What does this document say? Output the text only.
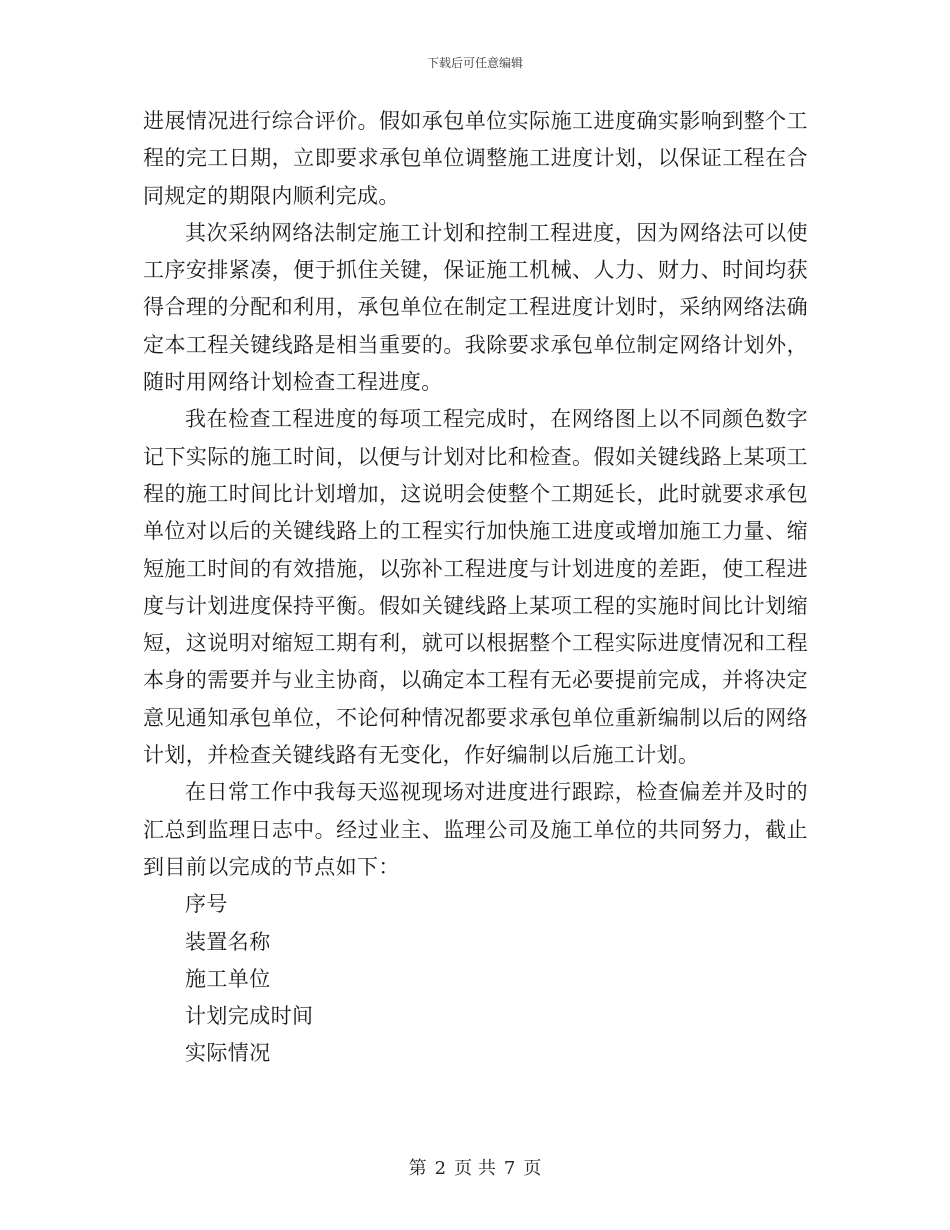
下载后可任意编辑

进展情况进行综合评价。假如承包单位实际施工进度确实影响到整个工程的完工日期，立即要求承包单位调整施工进度计划，以保证工程在合同规定的期限内顺利完成。

其次采纳网络法制定施工计划和控制工程进度，因为网络法可以使工序安排紧凑，便于抓住关键，保证施工机械、人力、财力、时间均获得合理的分配和利用，承包单位在制定工程进度计划时，采纳网络法确定本工程关键线路是相当重要的。我除要求承包单位制定网络计划外，随时用网络计划检查工程进度。

我在检查工程进度的每项工程完成时，在网络图上以不同颜色数字记下实际的施工时间，以便与计划对比和检查。假如关键线路上某项工程的施工时间比计划增加，这说明会使整个工期延长，此时就要求承包单位对以后的关键线路上的工程实行加快施工进度或增加施工力量、缩短施工时间的有效措施，以弥补工程进度与计划进度的差距，使工程进度与计划进度保持平衡。假如关键线路上某项工程的实施时间比计划缩短，这说明对缩短工期有利，就可以根据整个工程实际进度情况和工程本身的需要并与业主协商，以确定本工程有无必要提前完成，并将决定意见通知承包单位，不论何种情况都要求承包单位重新编制以后的网络计划，并检查关键线路有无变化，作好编制以后施工计划。

在日常工作中我每天巡视现场对进度进行跟踪，检查偏差并及时的汇总到监理日志中。经过业主、监理公司及施工单位的共同努力，截止到目前以完成的节点如下：

序号

装置名称

施工单位

计划完成时间

实际情况

第 2 页 共 7 页
